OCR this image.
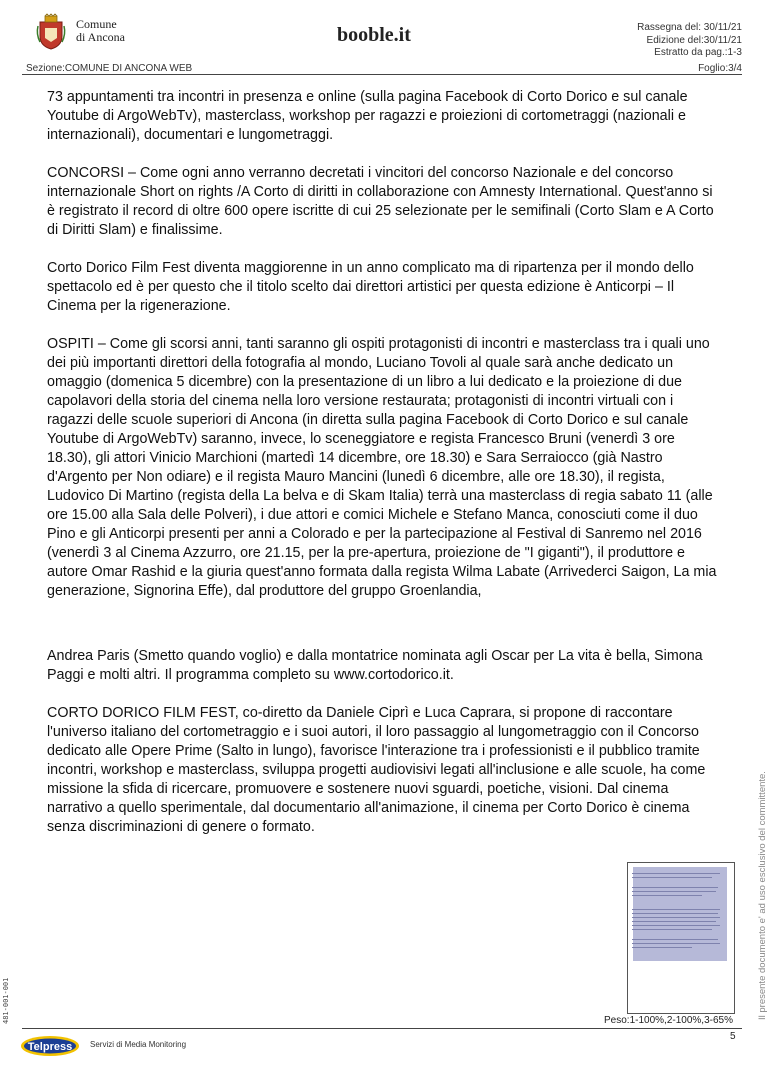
Comune
di Ancona	booble.it	Rassegna del: 30/11/21
Edizione del:30/11/21
Estratto da pag.:1-3
Sezione:COMUNE DI ANCONA WEB	Foglio:3/4

73 appuntamenti tra incontri in presenza e online (sulla pagina Facebook di Corto Dorico e sul canale Youtube di ArgoWebTv), masterclass, workshop per ragazzi e proiezioni di cortometraggi (nazionali e internazionali), documentari e lungometraggi.

CONCORSI – Come ogni anno verranno decretati i vincitori del concorso Nazionale e del concorso internazionale Short on rights /A Corto di diritti in collaborazione con Amnesty International. Quest'anno si è registrato il record di oltre 600 opere iscritte di cui 25 selezionate per le semifinali (Corto Slam e A Corto di Diritti Slam) e finalissime.

Corto Dorico Film Fest diventa maggiorenne in un anno complicato ma di ripartenza per il mondo dello spettacolo ed è per questo che il titolo scelto dai direttori artistici per questa edizione è Anticorpi – Il Cinema per la rigenerazione.

OSPITI – Come gli scorsi anni, tanti saranno gli ospiti protagonisti di incontri e masterclass tra i quali uno dei più importanti direttori della fotografia al mondo, Luciano Tovoli al quale sarà anche dedicato un omaggio (domenica 5 dicembre) con la presentazione di un libro a lui dedicato e la proiezione di due capolavori della storia del cinema nella loro versione restaurata; protagonisti di incontri virtuali con i ragazzi delle scuole superiori di Ancona (in diretta sulla pagina Facebook di Corto Dorico e sul canale Youtube di ArgoWebTv) saranno, invece, lo sceneggiatore e regista Francesco Bruni (venerdì 3 ore 18.30), gli attori Vinicio Marchioni (martedì 14 dicembre, ore 18.30) e Sara Serraiocco (già Nastro d'Argento per Non odiare) e il regista Mauro Mancini (lunedì 6 dicembre, alle ore 18.30), il regista, Ludovico Di Martino (regista della La belva e di Skam Italia) terrà una masterclass di regia sabato 11 (alle ore 15.00 alla Sala delle Polveri), i due attori e comici Michele e Stefano Manca, conosciuti come il duo Pino e gli Anticorpi presenti per anni a Colorado e per la partecipazione al Festival di Sanremo nel 2016 (venerdì 3 al Cinema Azzurro, ore 21.15, per la pre-apertura, proiezione de "I giganti"), il produttore e autore Omar Rashid e la giuria quest'anno formata dalla regista Wilma Labate (Arrivederci Saigon, La mia generazione, Signorina Effe), dal produttore del gruppo Groenlandia,

Andrea Paris (Smetto quando voglio) e dalla montatrice nominata agli Oscar per La vita è bella, Simona Paggi e molti altri. Il programma completo su www.cortodorico.it.

CORTO DORICO FILM FEST, co-diretto da Daniele Ciprì e Luca Caprara, si propone di raccontare l'universo italiano del cortometraggio e i suoi autori, il loro passaggio al lungometraggio con il Concorso dedicato alle Opere Prime (Salto in lungo), favorisce l'interazione tra i professionisti e il pubblico tramite incontri, workshop e masterclass, sviluppa progetti audiovisivi legati all'inclusione e alle scuole, ha come missione la sfida di ricercare, promuovere e sostenere nuovi sguardi, poetiche, visioni. Dal cinema narrativo a quello sperimentale, dal documentario all'animazione, il cinema per Corto Dorico è cinema senza discriminazioni di genere o formato.	Il presente documento e' ad uso esclusivo del committente.
481-001-001	Peso:1-100%,2-100%,3-65%
5
Telpress Servizi di Media Monitoring
